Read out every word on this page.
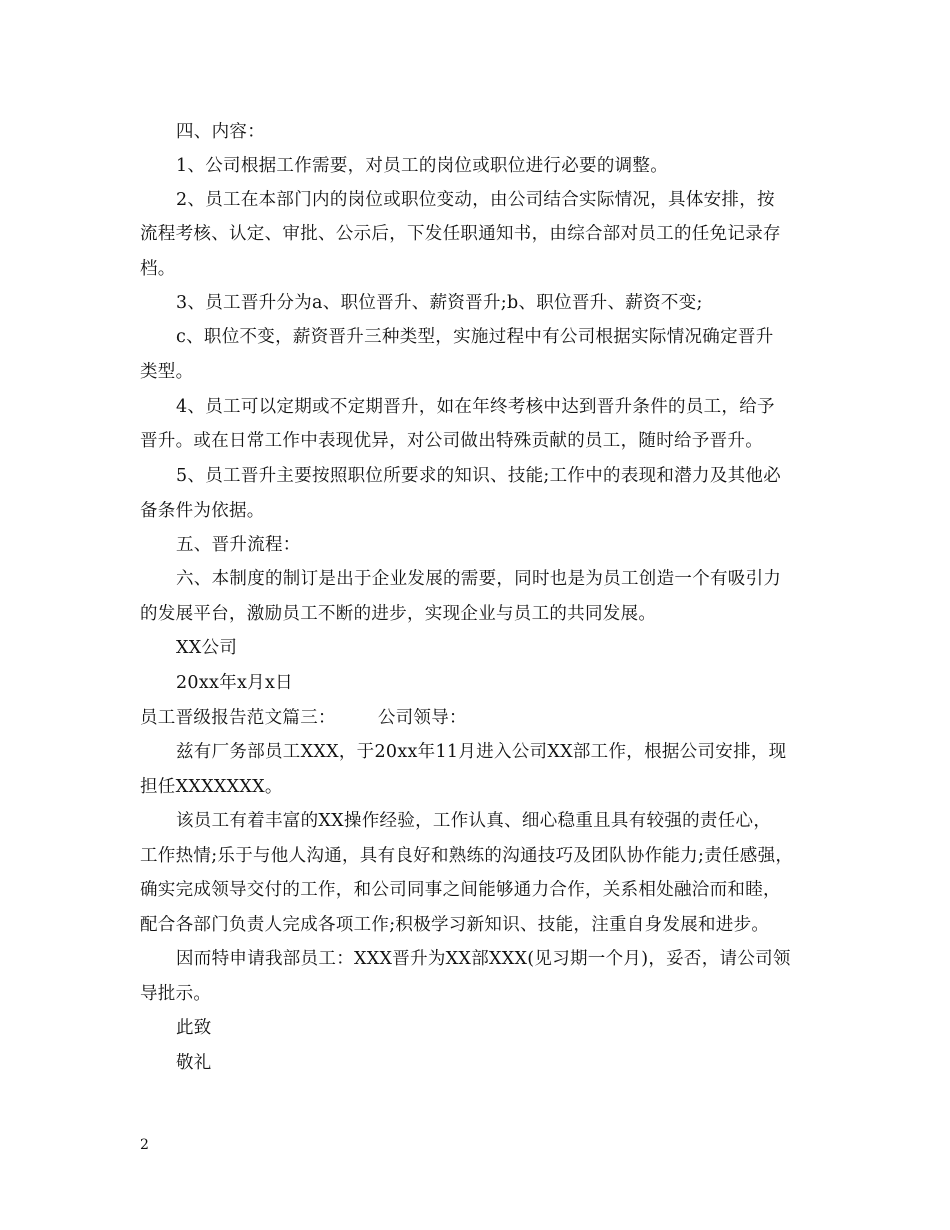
四、内容：
1、公司根据工作需要，对员工的岗位或职位进行必要的调整。
2、员工在本部门内的岗位或职位变动，由公司结合实际情况，具体安排，按
流程考核、认定、审批、公示后，下发任职通知书，由综合部对员工的任免记录存
档。
3、员工晋升分为a、职位晋升、薪资晋升;b、职位晋升、薪资不变;
c、职位不变，薪资晋升三种类型，实施过程中有公司根据实际情况确定晋升
类型。
4、员工可以定期或不定期晋升，如在年终考核中达到晋升条件的员工，给予
晋升。或在日常工作中表现优异，对公司做出特殊贡献的员工，随时给予晋升。
5、员工晋升主要按照职位所要求的知识、技能;工作中的表现和潜力及其他必
备条件为依据。
五、晋升流程：
六、本制度的制订是出于企业发展的需要，同时也是为员工创造一个有吸引力
的发展平台，激励员工不断的进步，实现企业与员工的共同发展。
XX公司
20xx年x月x日
员工晋级报告范文篇三： 公司领导：
兹有厂务部员工XXX，于20xx年11月进入公司XX部工作，根据公司安排，现
担任XXXXXXX。
该员工有着丰富的XX操作经验，工作认真、细心稳重且具有较强的责任心，
工作热情;乐于与他人沟通，具有良好和熟练的沟通技巧及团队协作能力;责任感强，
确实完成领导交付的工作，和公司同事之间能够通力合作，关系相处融洽而和睦，
配合各部门负责人完成各项工作;积极学习新知识、技能，注重自身发展和进步。
因而特申请我部员工：XXX晋升为XX部XXX(见习期一个月)，妥否，请公司领
导批示。
此致
敬礼
2
